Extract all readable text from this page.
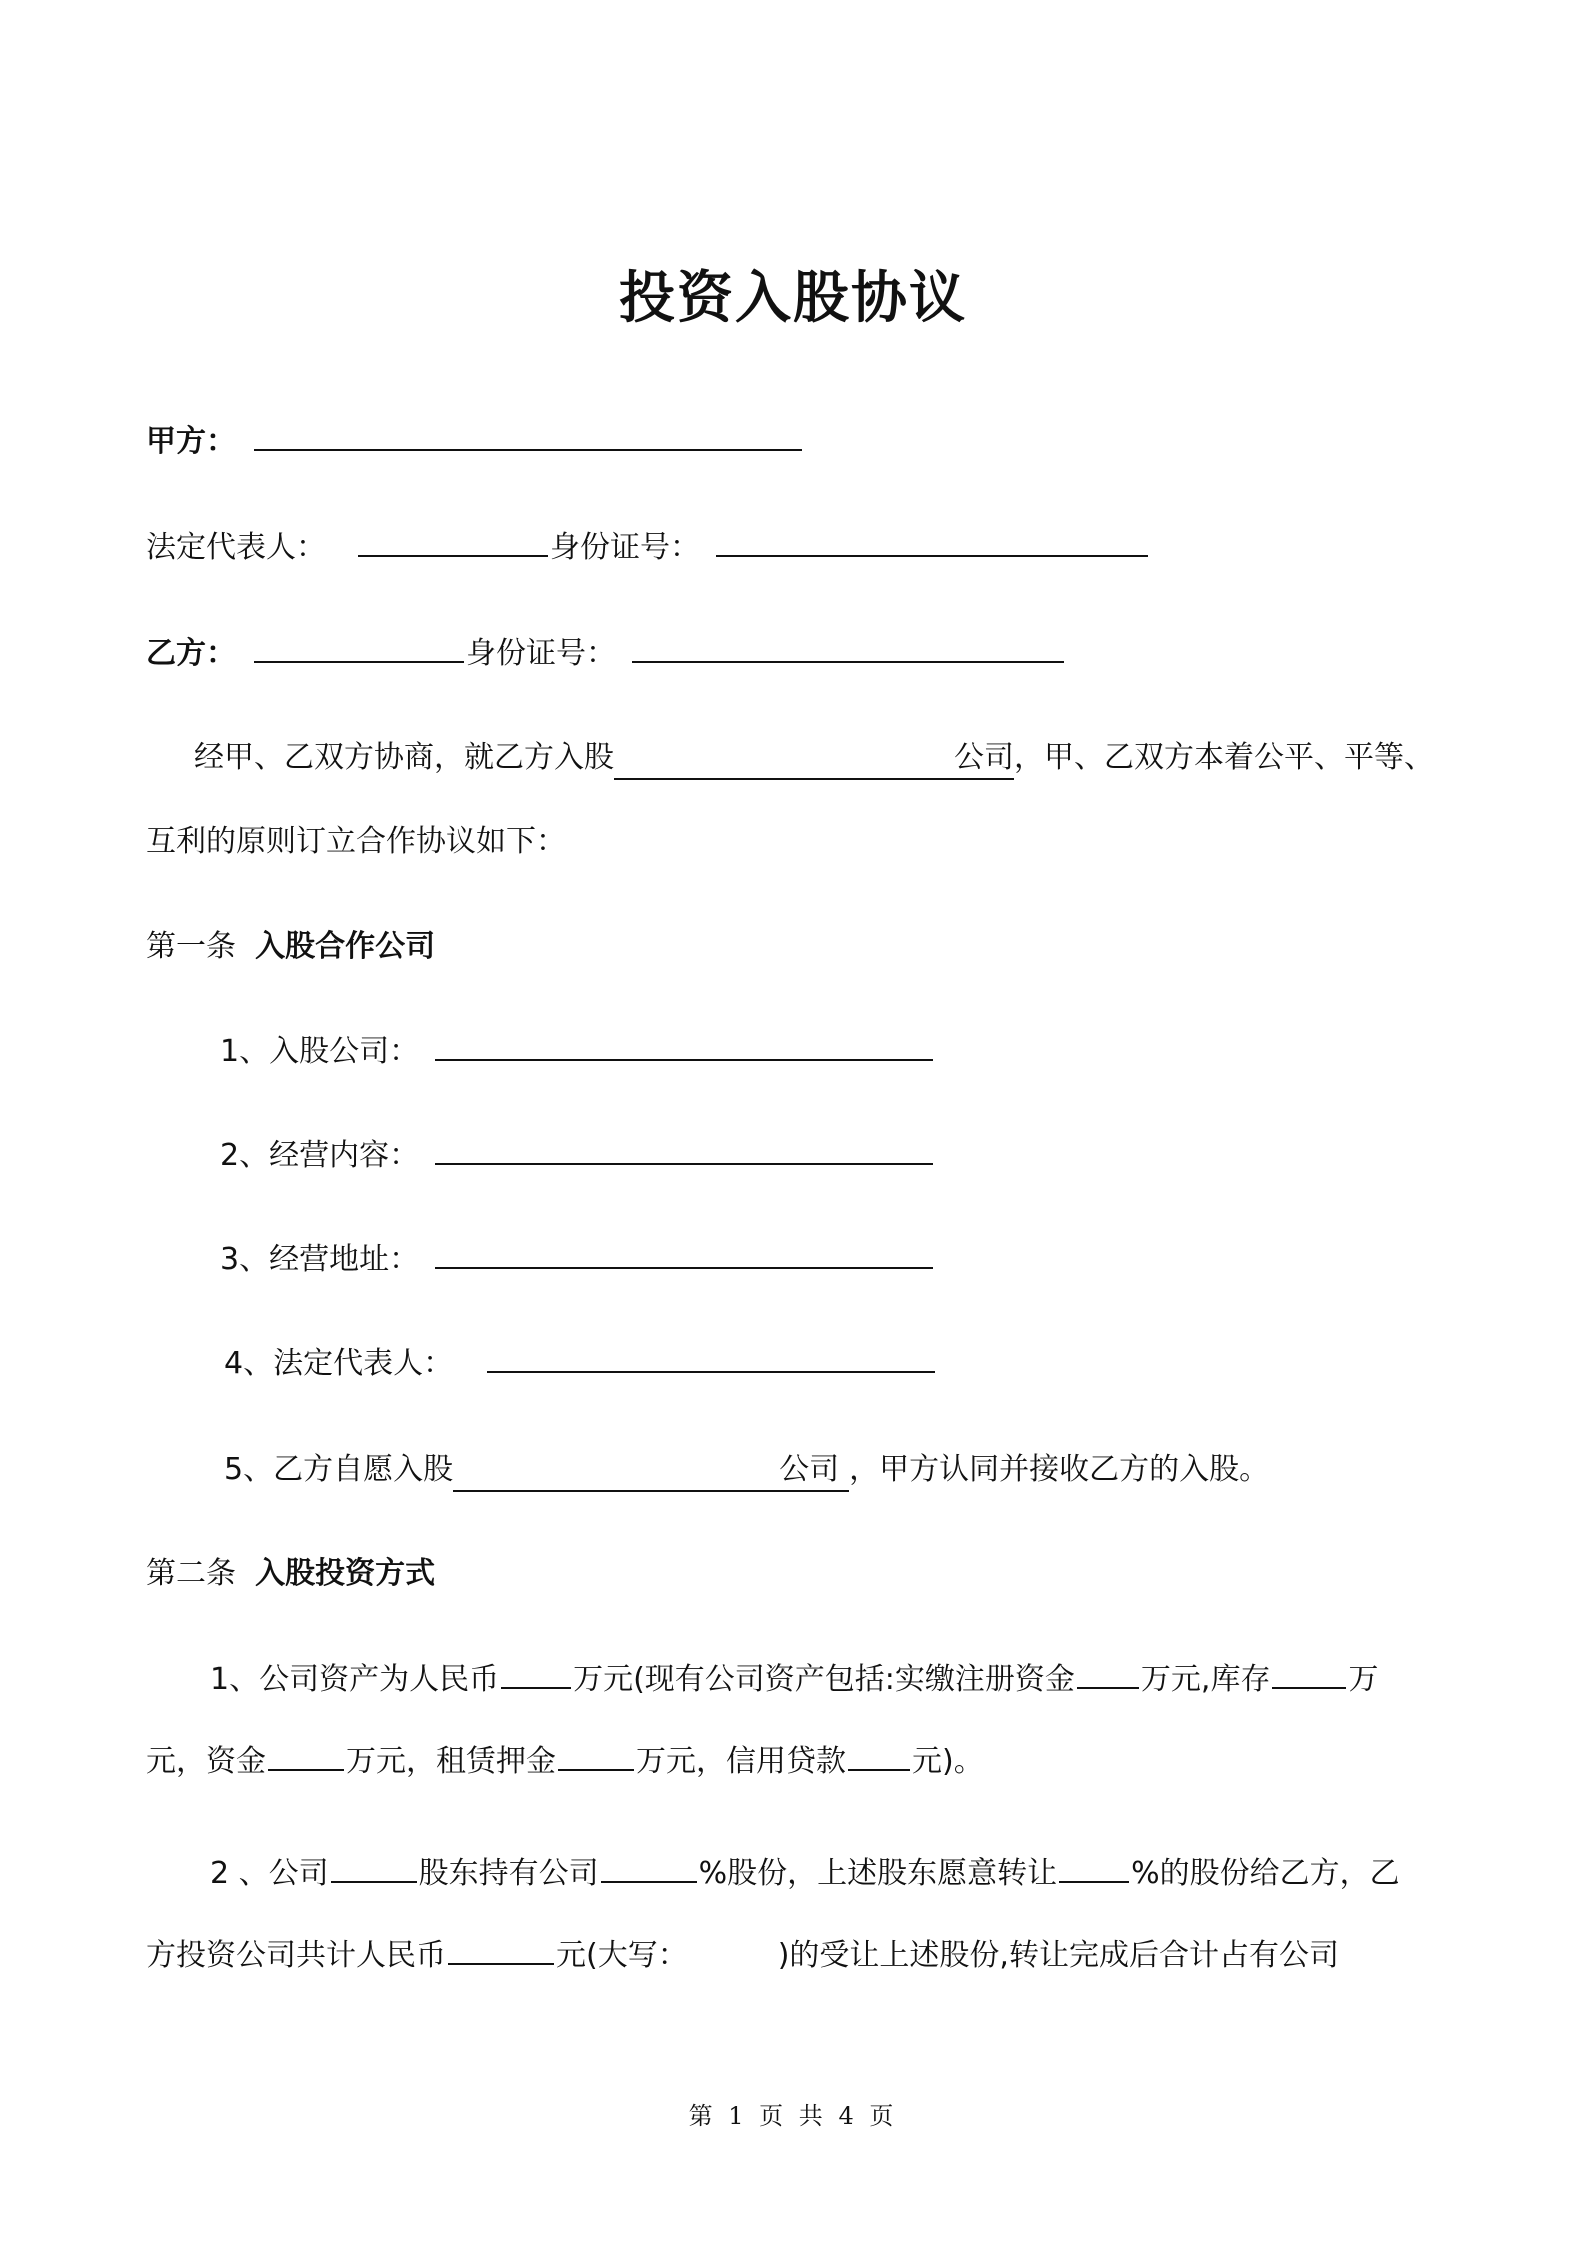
投资入股协议
甲方：
法定代表人：	身份证号：
乙方：	身份证号：
经甲、乙双方协商，就乙方入股	公司，甲、乙双方本着公平、平等、
互利的原则订立合作协议如下：
第一条 入股合作公司
1、入股公司：
2、经营内容：
3、经营地址：
4、法定代表人：
5、乙方自愿入股	公司 ，甲方认同并接收乙方的入股。
第二条 入股投资方式
1、公司资产为人民币 万元(现有公司资产包括:实缴注册资金 万元,库存	万
元，资金	万元，租赁押金	万元，信用贷款 元)。
2 、公司	股东持有公司	%股份，上述股东愿意转让 %的股份给乙方，乙
方投资公司共计人民币	元(大写：	)的受让上述股份,转让完成后合计占有公司
第 1 页 共 4 页
